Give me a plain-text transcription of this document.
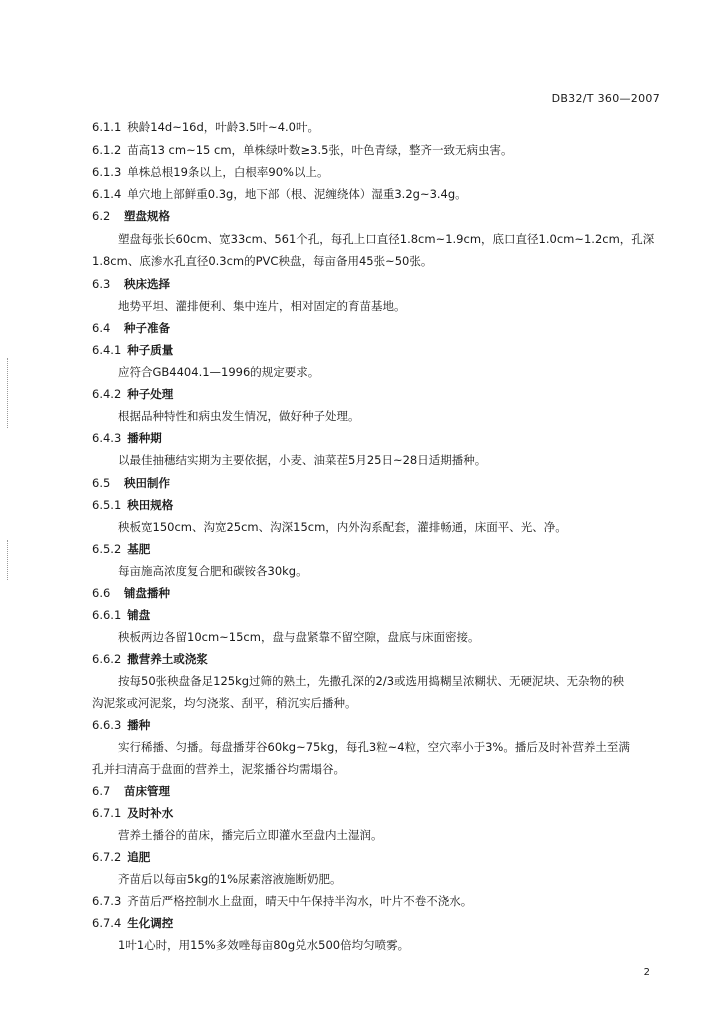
DB32/T 360—2007
6.1.1 秧龄14d~16d，叶龄3.5叶~4.0叶。
6.1.2 苗高13 cm~15 cm，单株绿叶数≥3.5张，叶色青绿，整齐一致无病虫害。
6.1.3 单株总根19条以上，白根率90%以上。
6.1.4 单穴地上部鲜重0.3g，地下部（根、泥缠绕体）湿重3.2g~3.4g。
6.2 塑盘规格
塑盘每张长60cm、宽33cm、561个孔，每孔上口直径1.8cm~1.9cm，底口直径1.0cm~1.2cm，孔深
1.8cm、底渗水孔直径0.3cm的PVC秧盘，每亩备用45张~50张。
6.3 秧床选择
地势平坦、灌排便利、集中连片，相对固定的育苗基地。
6.4 种子准备
6.4.1 种子质量
应符合GB4404.1—1996的规定要求。
6.4.2 种子处理
根据品种特性和病虫发生情况，做好种子处理。
6.4.3 播种期
以最佳抽穗结实期为主要依据，小麦、油菜茬5月25日~28日适期播种。
6.5 秧田制作
6.5.1 秧田规格
秧板宽150cm、沟宽25cm、沟深15cm，内外沟系配套，灌排畅通，床面平、光、净。
6.5.2 基肥
每亩施高浓度复合肥和碳铵各30kg。
6.6 铺盘播种
6.6.1 铺盘
秧板两边各留10cm~15cm，盘与盘紧靠不留空隙，盘底与床面密接。
6.6.2 撒营养土或浇浆
按每50张秧盘备足125kg过筛的熟土，先撒孔深的2/3或选用捣糊呈浓糊状、无硬泥块、无杂物的秧
沟泥浆或河泥浆，均匀浇浆、刮平，稍沉实后播种。
6.6.3 播种
实行稀播、匀播。每盘播芽谷60kg~75kg，每孔3粒~4粒，空穴率小于3%。播后及时补营养土至满
孔并扫清高于盘面的营养土，泥浆播谷均需塌谷。
6.7 苗床管理
6.7.1 及时补水
营养土播谷的苗床，播完后立即灌水至盘内土湿润。
6.7.2 追肥
齐苗后以每亩5kg的1%尿素溶液施断奶肥。
6.7.3 齐苗后严格控制水上盘面，晴天中午保持半沟水，叶片不卷不浇水。
6.7.4 生化调控
1叶1心时，用15%多效唑每亩80g兑水500倍均匀喷雾。
2
